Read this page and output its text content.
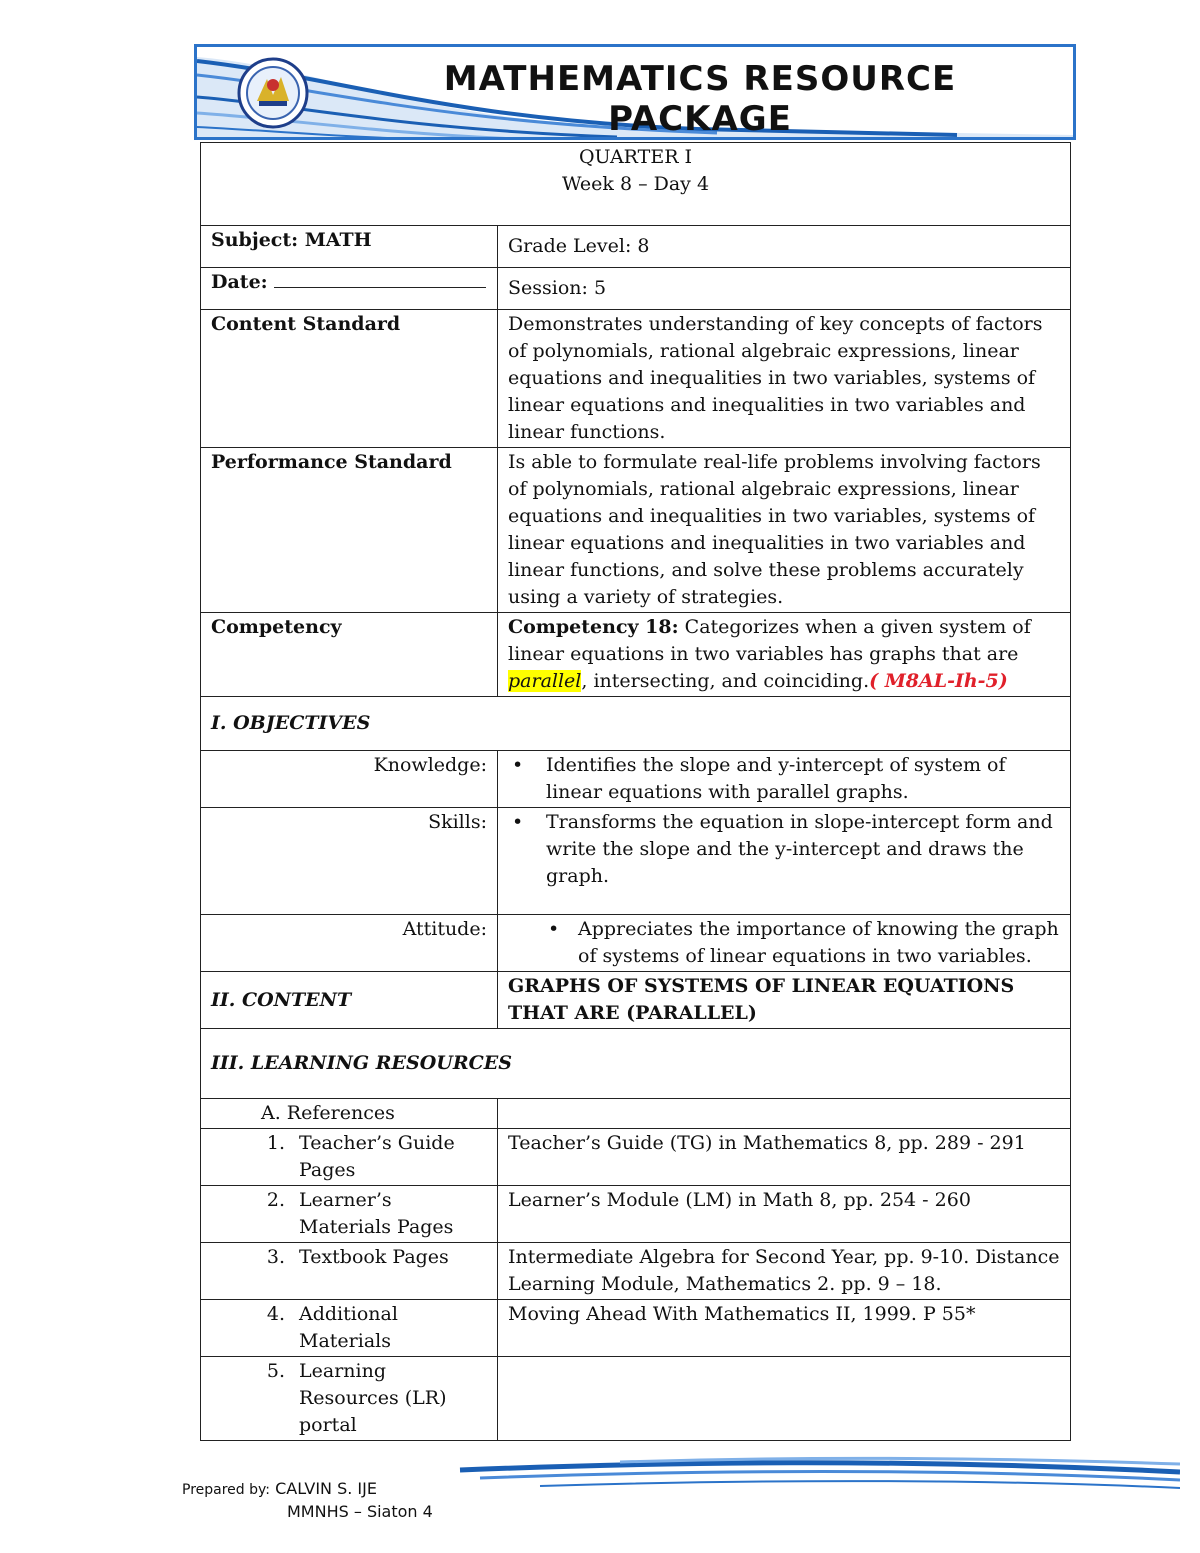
MATHEMATICS RESOURCE PACKAGE
QUARTER I
Week 8 – Day 4	

Subject: MATH	Grade Level: 8
Date:	Session: 5
Content Standard	Demonstrates understanding of key concepts of factors of polynomials, rational algebraic expressions, linear equations and inequalities in two variables, systems of linear equations and inequalities in two variables and linear functions.
Performance Standard	Is able to formulate real-life problems involving factors of polynomials, rational algebraic expressions, linear equations and inequalities in two variables, systems of linear equations and inequalities in two variables and linear functions, and solve these problems accurately using a variety of strategies.
Competency	Competency 18: Categorizes when a given system of linear equations in two variables has graphs that are parallel, intersecting, and coinciding.( M8AL-Ih-5)
I. OBJECTIVES	
Knowledge:	• Identifies the slope and y-intercept of system of linear equations with parallel graphs.

Skills:	• Transforms the equation in slope-intercept form and write the slope and the y-intercept and draws the graph.

Attitude:	• Appreciates the importance of knowing the graph of systems of linear equations in two variables.

II. CONTENT	GRAPHS OF SYSTEMS OF LINEAR EQUATIONS THAT ARE (PARALLEL)
III. LEARNING RESOURCES	
A. References	

1. Teacher’s Guide Pages	Teacher’s Guide (TG) in Mathematics 8, pp. 289 - 291

2. Learner’s Materials Pages	Learner’s Module (LM) in Math 8, pp. 254 - 260

3. Textbook Pages	Intermediate Algebra for Second Year, pp. 9-10. Distance Learning Module, Mathematics 2. pp. 9 – 18.

4. Additional Materials	Moving Ahead With Mathematics II, 1999. P 55*

5. Learning Resources (LR) portal	

Prepared by: CALVIN S. IJE
MMNHS – Siaton 4
